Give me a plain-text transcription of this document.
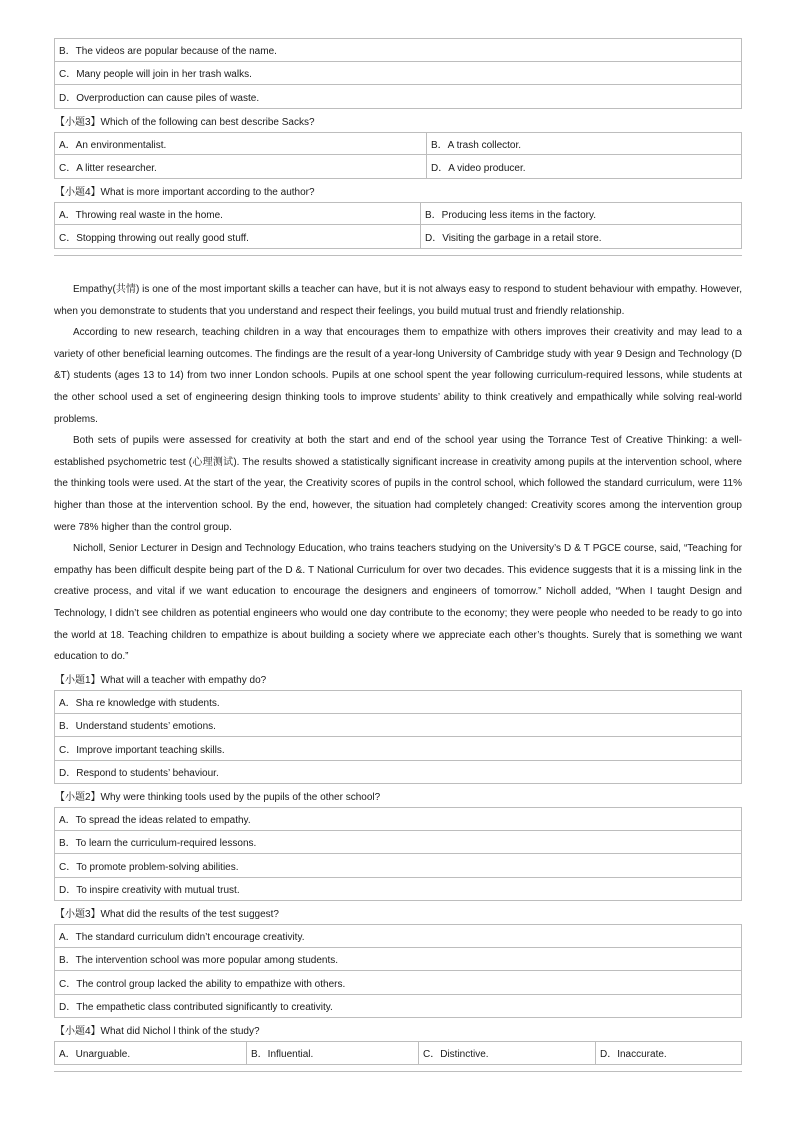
B．The videos are popular because of the name.
C．Many people will join in her trash walks.
D．Overproduction can cause piles of waste.
【小题3】Which of the following can best describe Sacks?
A．An environmentalist.	B．A trash collector.
C．A litter researcher.	D．A video producer.
【小题4】What is more important according to the author?
A．Throwing real waste in the home.	B．Producing less items in the factory.
C．Stopping throwing out really good stuff.	D．Visiting the garbage in a retail store.

Empathy(共情) is one of the most important skills a teacher can have, but it is not always easy to respond to student behaviour with empathy. However, when you demonstrate to students that you understand and respect their feelings, you build mutual trust and friendly relationship.

According to new research, teaching children in a way that encourages them to empathize with others improves their creativity and may lead to a variety of other beneficial learning outcomes. The findings are the result of a year-long University of Cambridge study with year 9 Design and Technology (D &T) students (ages 13 to 14) from two inner London schools. Pupils at one school spent the year following curriculum-required lessons, while students at the other school used a set of engineering design thinking tools to improve students’ ability to think creatively and empathically while solving real-world problems.

Both sets of pupils were assessed for creativity at both the start and end of the school year using the Torrance Test of Creative Thinking: a well-established psychometric test (心理测试). The results showed a statistically significant increase in creativity among pupils at the intervention school, where the thinking tools were used. At the start of the year, the Creativity scores of pupils in the control school, which followed the standard curriculum, were 11% higher than those at the intervention school. By the end, however, the situation had completely changed: Creativity scores among the intervention group were 78% higher than the control group.

Nicholl, Senior Lecturer in Design and Technology Education, who trains teachers studying on the University’s D & T PGCE course, said, “Teaching for empathy has been difficult despite being part of the D &. T National Curriculum for over two decades. This evidence suggests that it is a missing link in the creative process, and vital if we want education to encourage the designers and engineers of tomorrow.” Nicholl added, “When I taught Design and Technology, I didn’t see children as potential engineers who would one day contribute to the economy; they were people who needed to be ready to go into the world at 18. Teaching children to empathize is about building a society where we appreciate each other’s thoughts. Surely that is something we want education to do.”

【小题1】What will a teacher with empathy do?
A．Sha re knowledge with students.
B．Understand students’ emotions.
C．Improve important teaching skills.
D．Respond to students’ behaviour.
【小题2】Why were thinking tools used by the pupils of the other school?
A．To spread the ideas related to empathy.
B．To learn the curriculum-required lessons.
C．To promote problem-solving abilities.
D．To inspire creativity with mutual trust.
【小题3】What did the results of the test suggest?
A．The standard curriculum didn’t encourage creativity.
B．The intervention school was more popular among students.
C．The control group lacked the ability to empathize with others.
D．The empathetic class contributed significantly to creativity.
【小题4】What did Nichol l think of the study?
A．Unarguable.	B．Influential.	C．Distinctive.	D．Inaccurate.
